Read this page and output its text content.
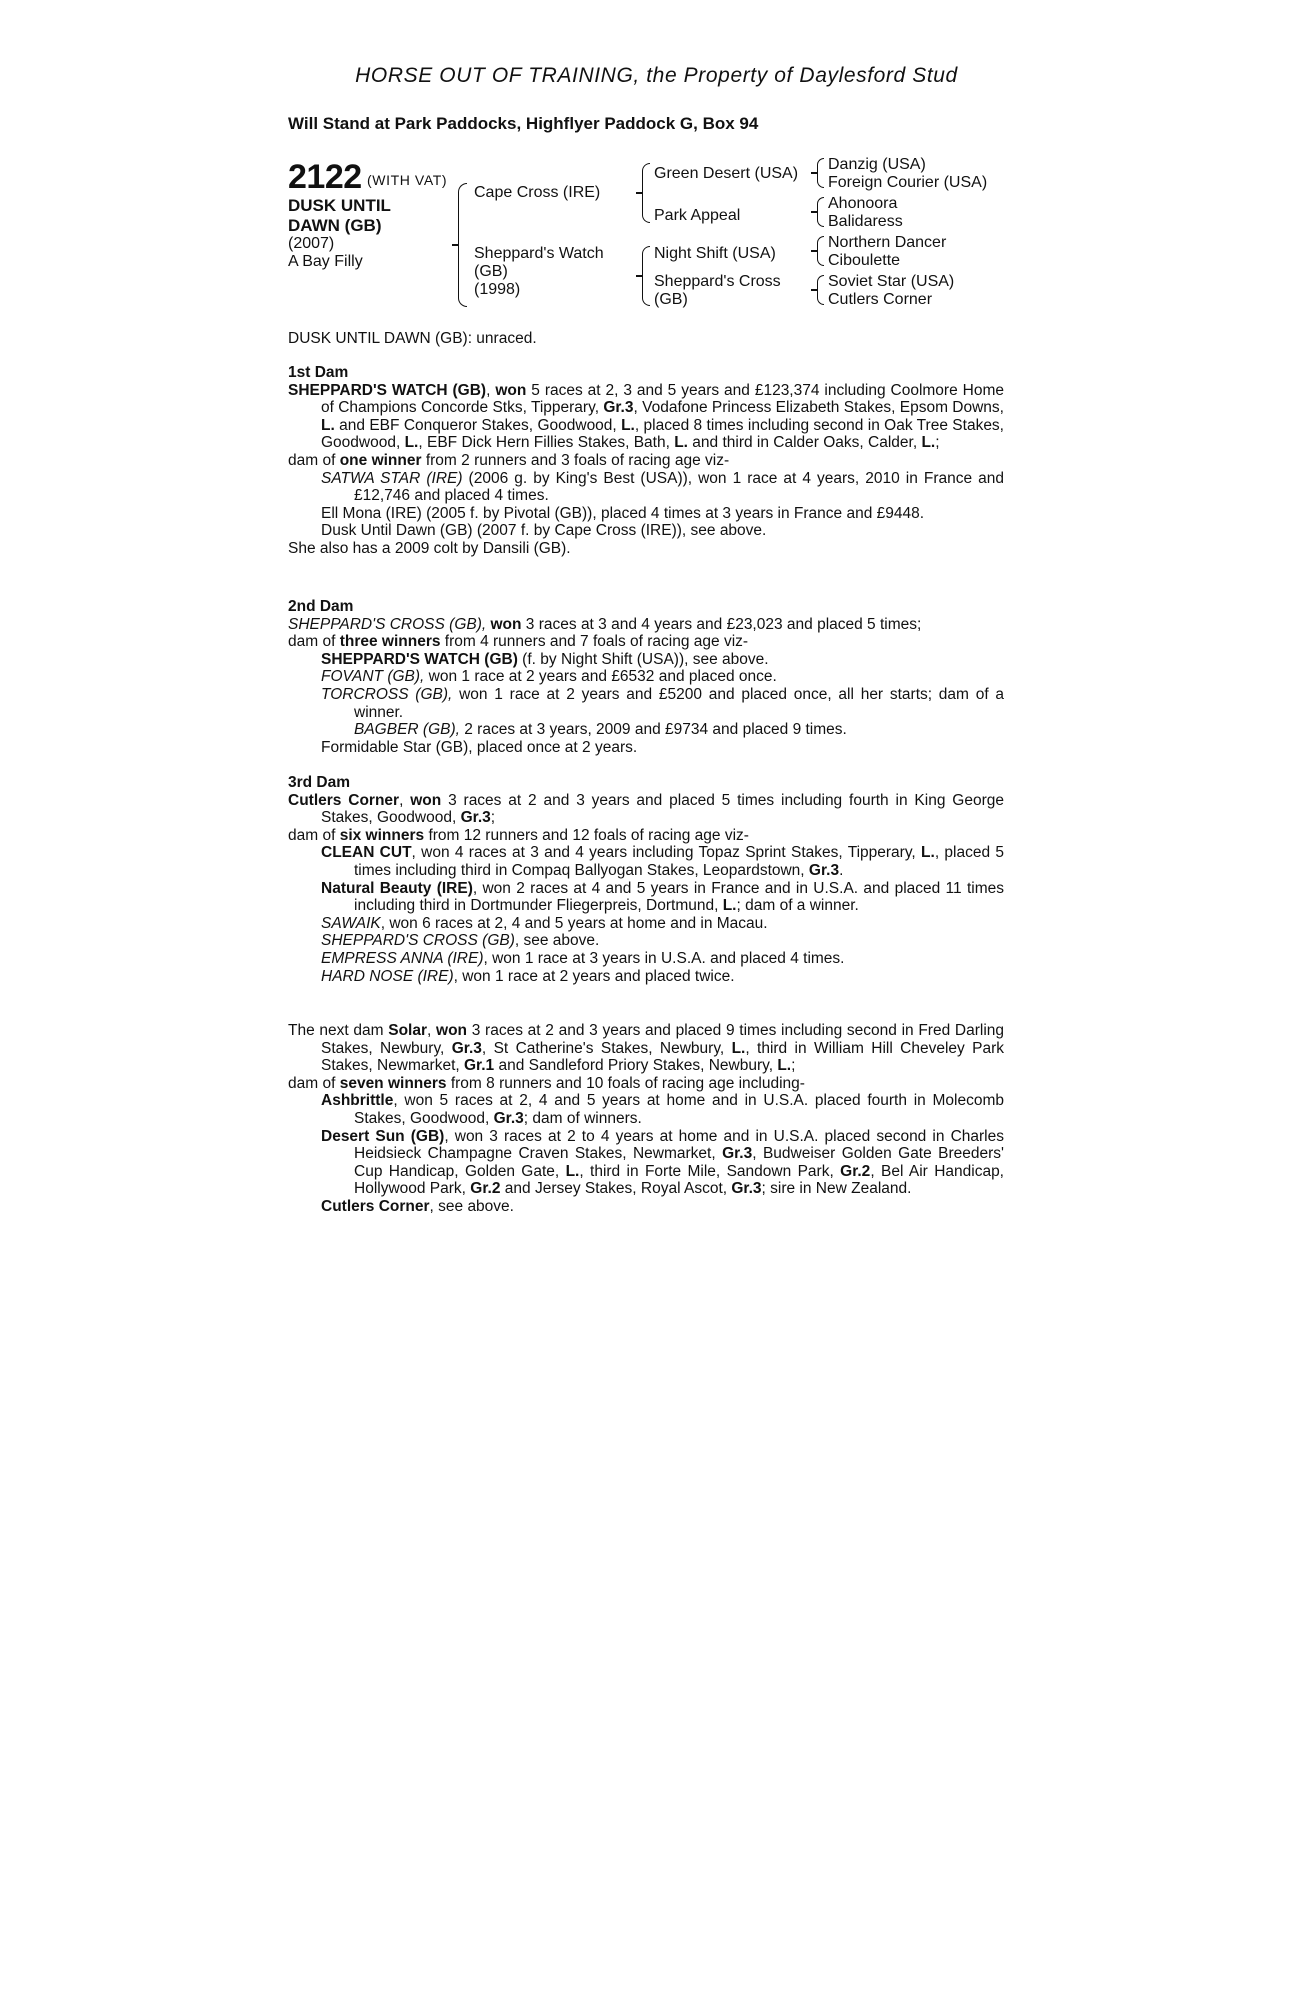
HORSE OUT OF TRAINING, the Property of Daylesford Stud
Will Stand at Park Paddocks, Highflyer Paddock G, Box 94
2122 (WITH VAT)
DUSK UNTIL DAWN (GB)
(2007)
A Bay Filly
Cape Cross (IRE)
Sheppard's Watch
(GB)
(1998)
Green Desert (USA)
Park Appeal
Night Shift (USA)
Sheppard's Cross
(GB)
Danzig (USA)
Foreign Courier (USA)
Ahonoora
Balidaress
Northern Dancer
Ciboulette
Soviet Star (USA)
Cutlers Corner
DUSK UNTIL DAWN (GB): unraced.

1st Dam

SHEPPARD'S WATCH (GB), won 5 races at 2, 3 and 5 years and £123,374 including Coolmore Home of Champions Concorde Stks, Tipperary, Gr.3, Vodafone Princess Elizabeth Stakes, Epsom Downs, L. and EBF Conqueror Stakes, Goodwood, L., placed 8 times including second in Oak Tree Stakes, Goodwood, L., EBF Dick Hern Fillies Stakes, Bath, L. and third in Calder Oaks, Calder, L.;

dam of one winner from 2 runners and 3 foals of racing age viz-

SATWA STAR (IRE) (2006 g. by King's Best (USA)), won 1 race at 4 years, 2010 in France and £12,746 and placed 4 times.

Ell Mona (IRE) (2005 f. by Pivotal (GB)), placed 4 times at 3 years in France and £9448.

Dusk Until Dawn (GB) (2007 f. by Cape Cross (IRE)), see above.

She also has a 2009 colt by Dansili (GB).

2nd Dam

SHEPPARD'S CROSS (GB), won 3 races at 3 and 4 years and £23,023 and placed 5 times;

dam of three winners from 4 runners and 7 foals of racing age viz-

SHEPPARD'S WATCH (GB) (f. by Night Shift (USA)), see above.

FOVANT (GB), won 1 race at 2 years and £6532 and placed once.

TORCROSS (GB), won 1 race at 2 years and £5200 and placed once, all her starts; dam of a winner.

BAGBER (GB), 2 races at 3 years, 2009 and £9734 and placed 9 times.

Formidable Star (GB), placed once at 2 years.

3rd Dam

Cutlers Corner, won 3 races at 2 and 3 years and placed 5 times including fourth in King George Stakes, Goodwood, Gr.3;

dam of six winners from 12 runners and 12 foals of racing age viz-

CLEAN CUT, won 4 races at 3 and 4 years including Topaz Sprint Stakes, Tipperary, L., placed 5 times including third in Compaq Ballyogan Stakes, Leopardstown, Gr.3.

Natural Beauty (IRE), won 2 races at 4 and 5 years in France and in U.S.A. and placed 11 times including third in Dortmunder Fliegerpreis, Dortmund, L.; dam of a winner.

SAWAIK, won 6 races at 2, 4 and 5 years at home and in Macau.

SHEPPARD'S CROSS (GB), see above.

EMPRESS ANNA (IRE), won 1 race at 3 years in U.S.A. and placed 4 times.

HARD NOSE (IRE), won 1 race at 2 years and placed twice.

The next dam Solar, won 3 races at 2 and 3 years and placed 9 times including second in Fred Darling Stakes, Newbury, Gr.3, St Catherine's Stakes, Newbury, L., third in William Hill Cheveley Park Stakes, Newmarket, Gr.1 and Sandleford Priory Stakes, Newbury, L.;

dam of seven winners from 8 runners and 10 foals of racing age including-

Ashbrittle, won 5 races at 2, 4 and 5 years at home and in U.S.A. placed fourth in Molecomb Stakes, Goodwood, Gr.3; dam of winners.

Desert Sun (GB), won 3 races at 2 to 4 years at home and in U.S.A. placed second in Charles Heidsieck Champagne Craven Stakes, Newmarket, Gr.3, Budweiser Golden Gate Breeders' Cup Handicap, Golden Gate, L., third in Forte Mile, Sandown Park, Gr.2, Bel Air Handicap, Hollywood Park, Gr.2 and Jersey Stakes, Royal Ascot, Gr.3; sire in New Zealand.

Cutlers Corner, see above.
